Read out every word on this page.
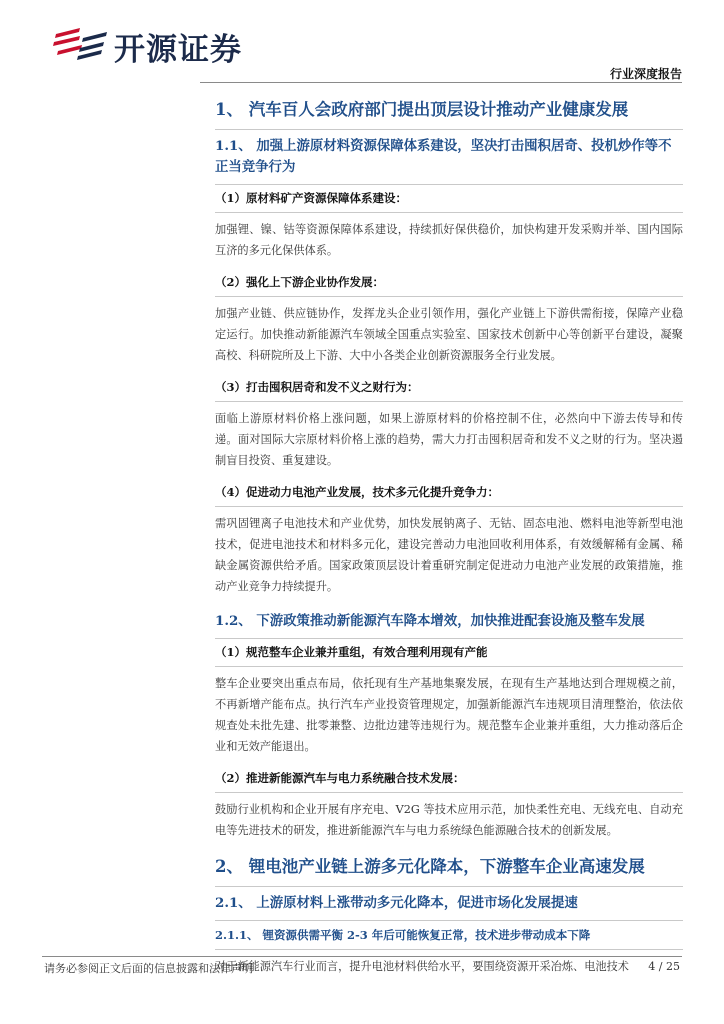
开源证券
行业深度报告
1、 汽车百人会政府部门提出顶层设计推动产业健康发展
1.1、 加强上游原材料资源保障体系建设，坚决打击囤积居奇、投机炒作等不正当竞争行为
（1）原材料矿产资源保障体系建设：
加强锂、镍、钴等资源保障体系建设，持续抓好保供稳价，加快构建开发采购并举、国内国际互济的多元化保供体系。
（2）强化上下游企业协作发展：
加强产业链、供应链协作，发挥龙头企业引领作用，强化产业链上下游供需衔接，保障产业稳定运行。加快推动新能源汽车领域全国重点实验室、国家技术创新中心等创新平台建设，凝聚高校、科研院所及上下游、大中小各类企业创新资源服务全行业发展。
（3）打击囤积居奇和发不义之财行为：
面临上游原材料价格上涨问题，如果上游原材料的价格控制不住，必然向中下游去传导和传递。面对国际大宗原材料价格上涨的趋势，需大力打击囤积居奇和发不义之财的行为。坚决遏制盲目投资、重复建设。
（4）促进动力电池产业发展，技术多元化提升竞争力：
需巩固锂离子电池技术和产业优势，加快发展钠离子、无钴、固态电池、燃料电池等新型电池技术，促进电池技术和材料多元化，建设完善动力电池回收利用体系，有效缓解稀有金属、稀缺金属资源供给矛盾。国家政策顶层设计着重研究制定促进动力电池产业发展的政策措施，推动产业竞争力持续提升。
1.2、 下游政策推动新能源汽车降本增效，加快推进配套设施及整车发展
（1）规范整车企业兼并重组，有效合理利用现有产能
整车企业要突出重点布局，依托现有生产基地集聚发展，在现有生产基地达到合理规模之前，不再新增产能布点。执行汽车产业投资管理规定，加强新能源汽车违规项目清理整治，依法依规查处未批先建、批零兼整、边批边建等违规行为。规范整车企业兼并重组，大力推动落后企业和无效产能退出。
（2）推进新能源汽车与电力系统融合技术发展：
鼓励行业机构和企业开展有序充电、V2G 等技术应用示范，加快柔性充电、无线充电、自动充电等先进技术的研发，推进新能源汽车与电力系统绿色能源融合技术的创新发展。
2、 锂电池产业链上游多元化降本，下游整车企业高速发展
2.1、 上游原材料上涨带动多元化降本，促进市场化发展提速
2.1.1、 锂资源供需平衡 2-3 年后可能恢复正常，技术进步带动成本下降
对于新能源汽车行业而言，提升电池材料供给水平，要围绕资源开采冶炼、电池技术
请务必参阅正文后面的信息披露和法律声明	4 / 25
